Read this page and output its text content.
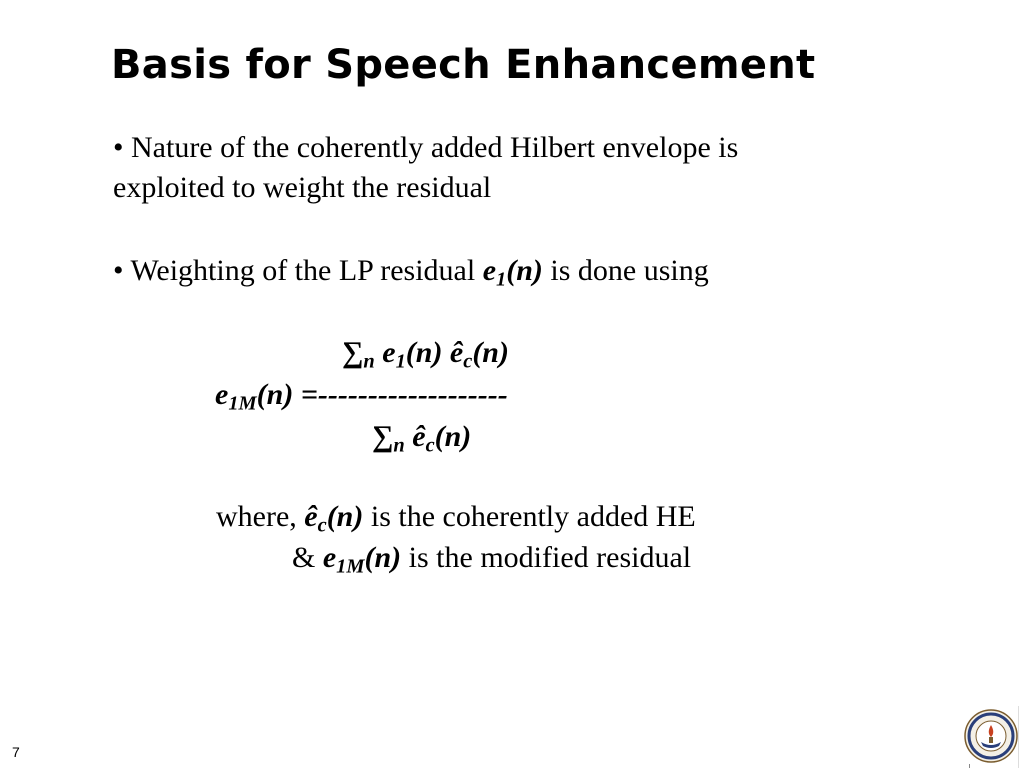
Basis for Speech Enhancement
• Nature of the coherently added Hilbert envelope is
exploited to weight the residual
• Weighting of the LP residual $e_1(n)$ is done using
$\sum_n$ $e_1(n)$ $ê_c(n)$
$e_{1M}(n)$ =-------------------
$\sum_n$ $ê_c(n)$
where, $ê_c(n)$ is the coherently added HE
& $e_{1M}(n)$ is the modified residual
7
